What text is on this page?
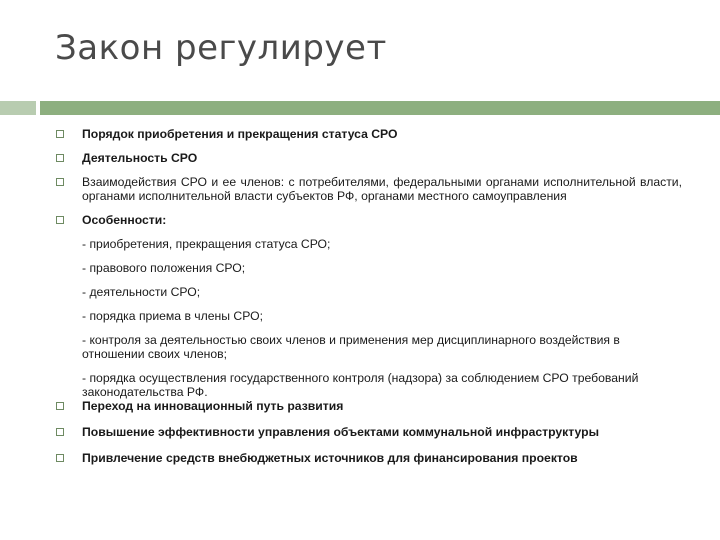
Закон регулирует
Порядок приобретения и прекращения статуса СРО
Деятельность СРО
Взаимодействия СРО и ее членов: с потребителями, федеральными органами исполнительной власти, органами исполнительной власти субъектов РФ, органами местного самоуправления
Особенности:
- приобретения, прекращения статуса СРО;
- правового положения СРО;
- деятельности СРО;
- порядка приема в члены СРО;
- контроля за деятельностью своих членов и применения мер дисциплинарного воздействия в отношении своих членов;
- порядка осуществления государственного контроля (надзора) за соблюдением СРО требований законодательства РФ.
Переход на инновационный путь развития
Повышение эффективности управления объектами коммунальной инфраструктуры
Привлечение средств внебюджетных источников для финансирования проектов
